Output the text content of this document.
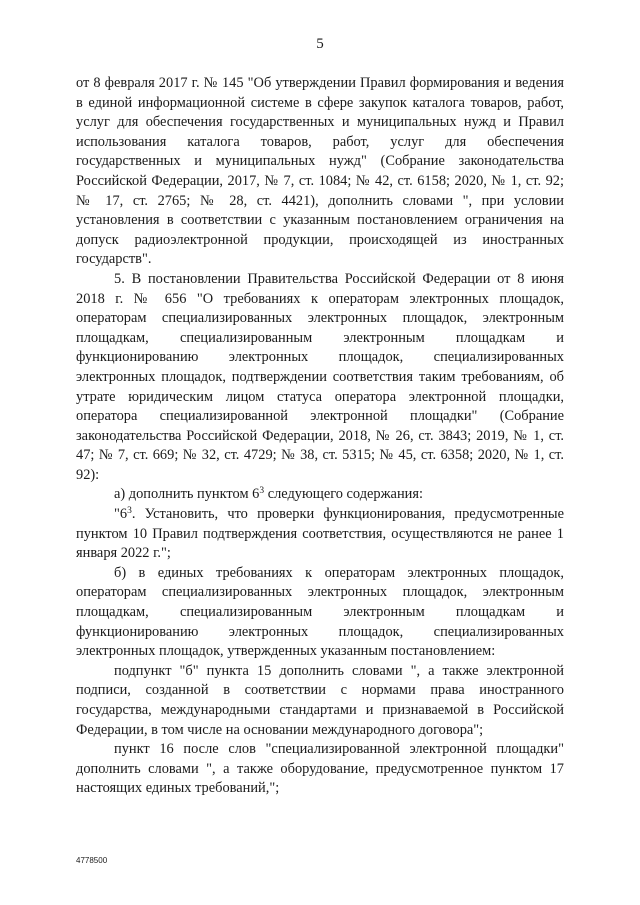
5

от 8 февраля 2017 г. № 145 "Об утверждении Правил формирования и ведения в единой информационной системе в сфере закупок каталога товаров, работ, услуг для обеспечения государственных и муниципальных нужд и Правил использования каталога товаров, работ, услуг для обеспечения государственных и муниципальных нужд" (Собрание законодательства Российской Федерации, 2017, № 7, ст. 1084; № 42, ст. 6158; 2020, № 1, ст. 92; № 17, ст. 2765; № 28, ст. 4421), дополнить словами ", при условии установления в соответствии с указанным постановлением ограничения на допуск радиоэлектронной продукции, происходящей из иностранных государств".

5. В постановлении Правительства Российской Федерации от 8 июня 2018 г. № 656 "О требованиях к операторам электронных площадок, операторам специализированных электронных площадок, электронным площадкам, специализированным электронным площадкам и функционированию электронных площадок, специализированных электронных площадок, подтверждении соответствия таким требованиям, об утрате юридическим лицом статуса оператора электронной площадки, оператора специализированной электронной площадки" (Собрание законодательства Российской Федерации, 2018, № 26, ст. 3843; 2019, № 1, ст. 47; № 7, ст. 669; № 32, ст. 4729; № 38, ст. 5315; № 45, ст. 6358; 2020, № 1, ст. 92):

а) дополнить пунктом $6^3$ следующего содержания:

"$6^3$. Установить, что проверки функционирования, предусмотренные пунктом 10 Правил подтверждения соответствия, осуществляются не ранее 1 января 2022 г.";

б) в единых требованиях к операторам электронных площадок, операторам специализированных электронных площадок, электронным площадкам, специализированным электронным площадкам и функционированию электронных площадок, специализированных электронных площадок, утвержденных указанным постановлением:

подпункт "б" пункта 15 дополнить словами ", а также электронной подписи, созданной в соответствии с нормами права иностранного государства, международными стандартами и признаваемой в Российской Федерации, в том числе на основании международного договора";

пункт 16 после слов "специализированной электронной площадки" дополнить словами ", а также оборудование, предусмотренное пунктом 17 настоящих единых требований,";

4778500
